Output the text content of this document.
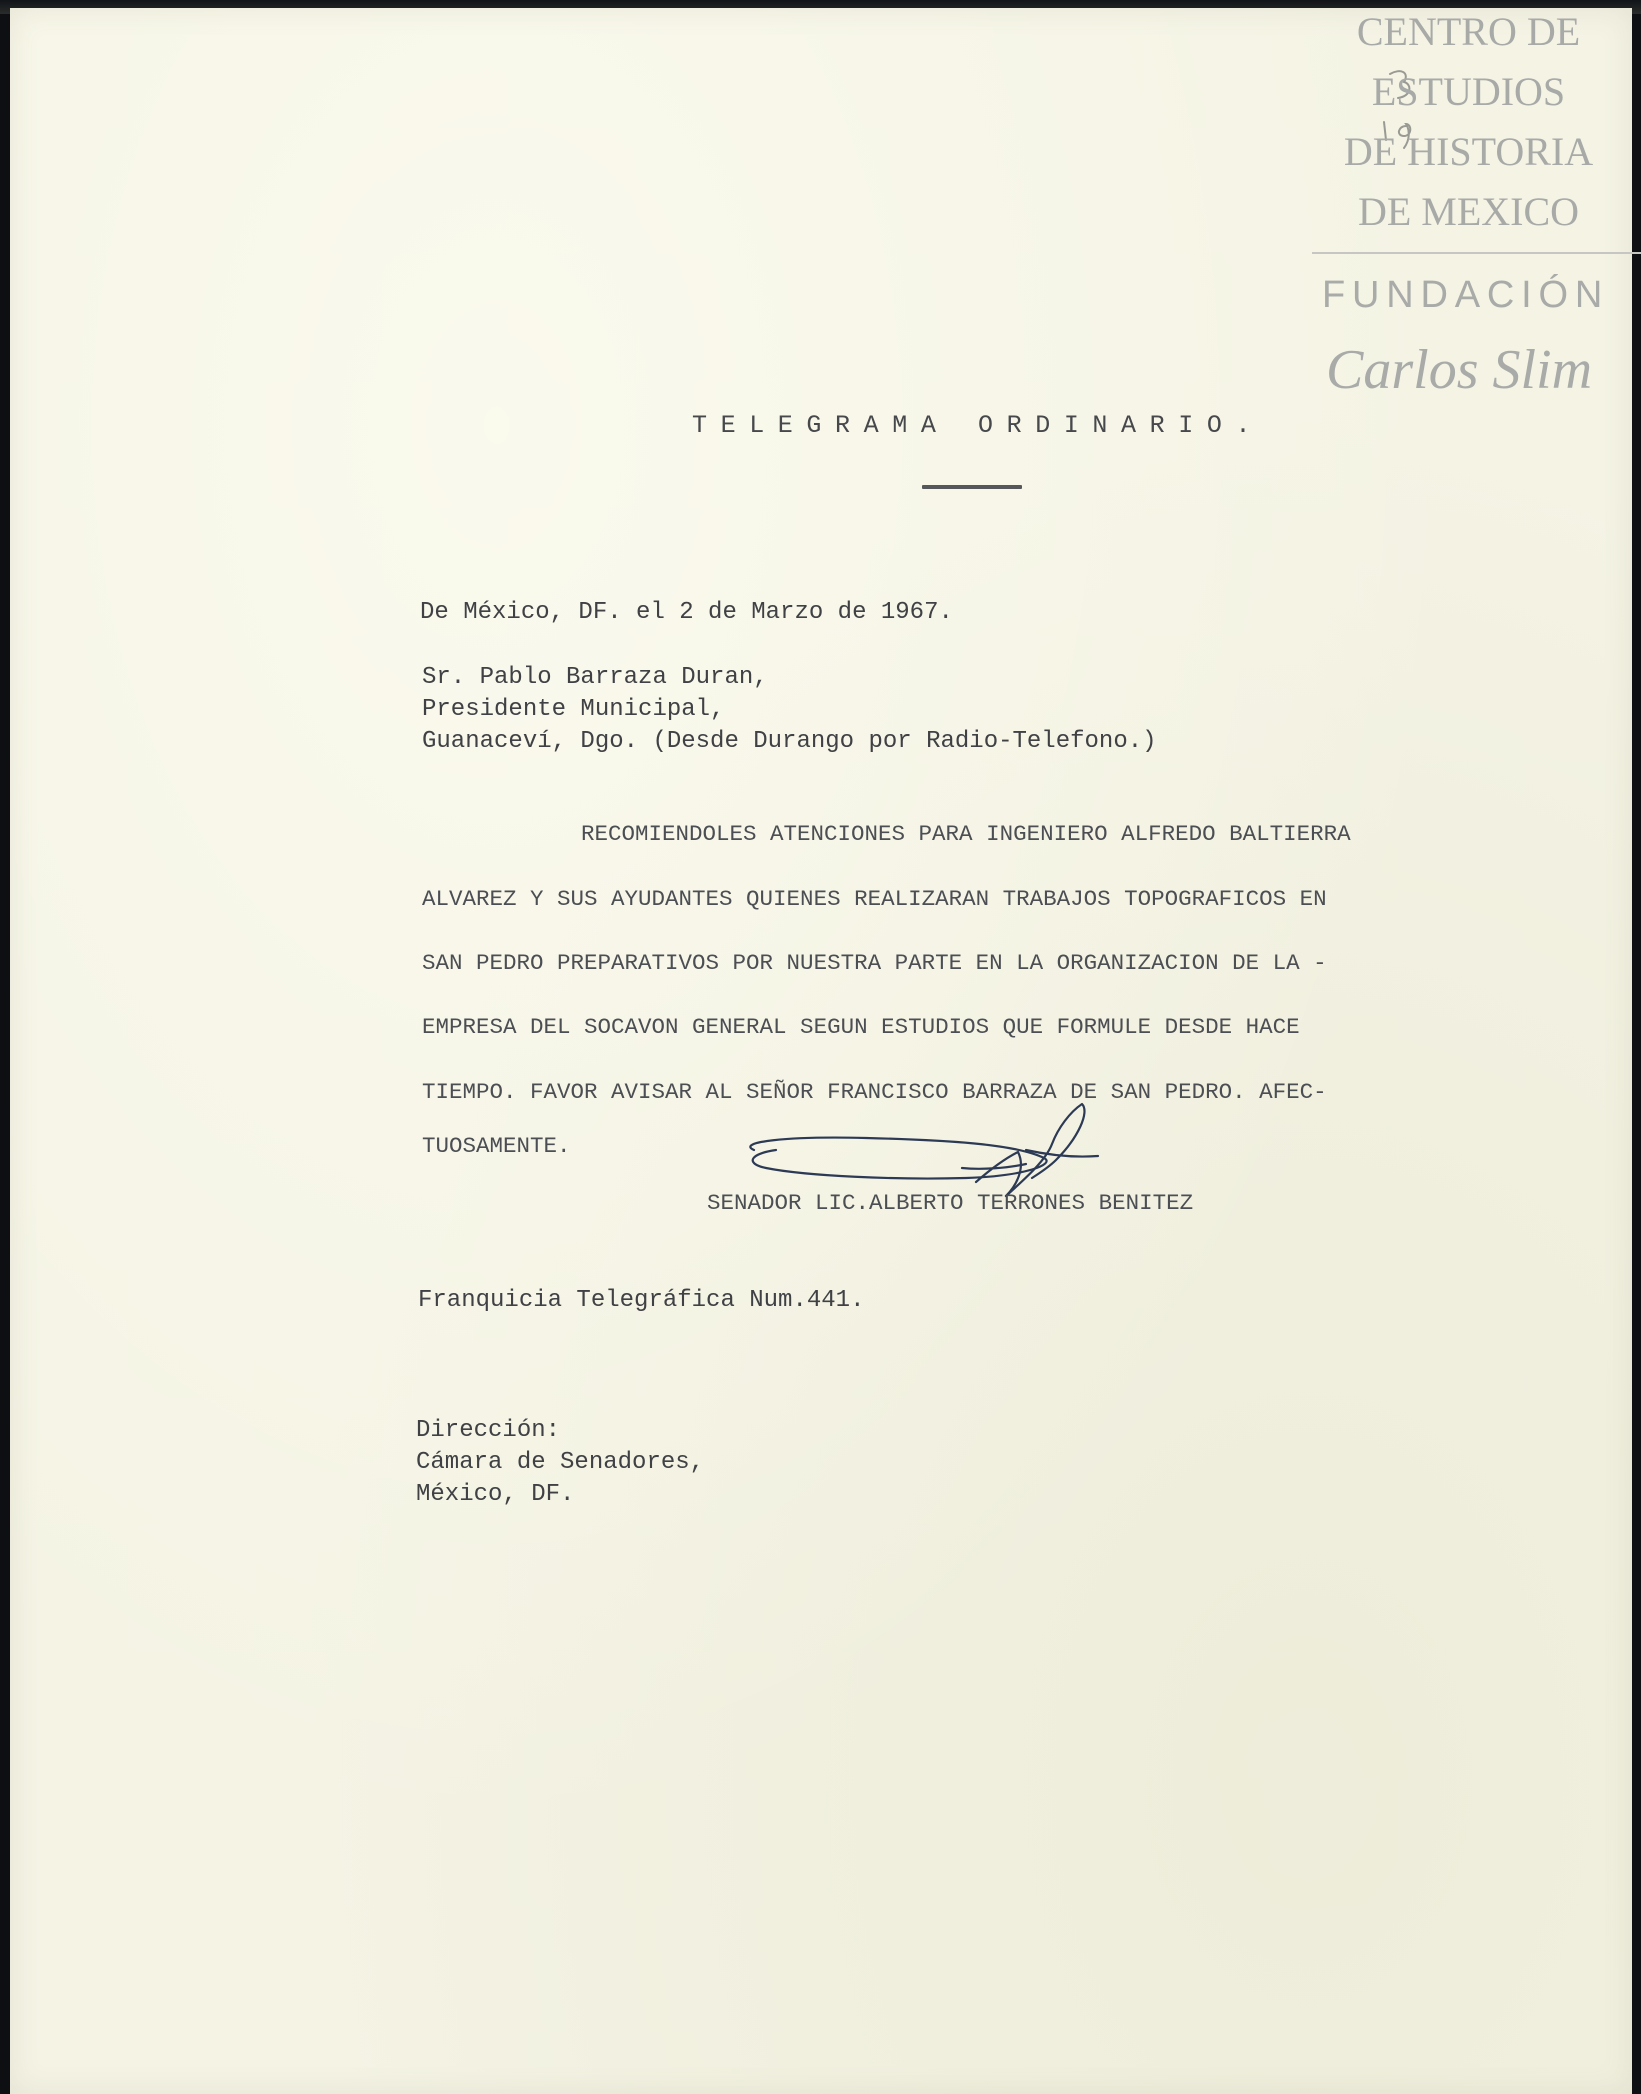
TELEGRAMA ORDINARIO.

De México, DF. el 2 de Marzo de 1967.

Sr. Pablo Barraza Duran,

Presidente Municipal,

Guanaceví, Dgo. (Desde Durango por Radio-Telefono.)

RECOMIENDOLES ATENCIONES PARA INGENIERO ALFREDO BALTIERRA

ALVAREZ Y SUS AYUDANTES QUIENES REALIZARAN TRABAJOS TOPOGRAFICOS EN

SAN PEDRO PREPARATIVOS POR NUESTRA PARTE EN LA ORGANIZACION DE LA -

EMPRESA DEL SOCAVON GENERAL SEGUN ESTUDIOS QUE FORMULE DESDE HACE

TIEMPO. FAVOR AVISAR AL SEÑOR FRANCISCO BARRAZA DE SAN PEDRO. AFEC-

TUOSAMENTE.

SENADOR LIC.ALBERTO TERRONES BENITEZ

Franquicia Telegráfica Num.441.

Dirección:

Cámara de Senadores,

México, DF.

CENTRO DE
ESTUDIOS
DE HISTORIA
DE MEXICO
FUNDACIÓN
Carlos Slim
